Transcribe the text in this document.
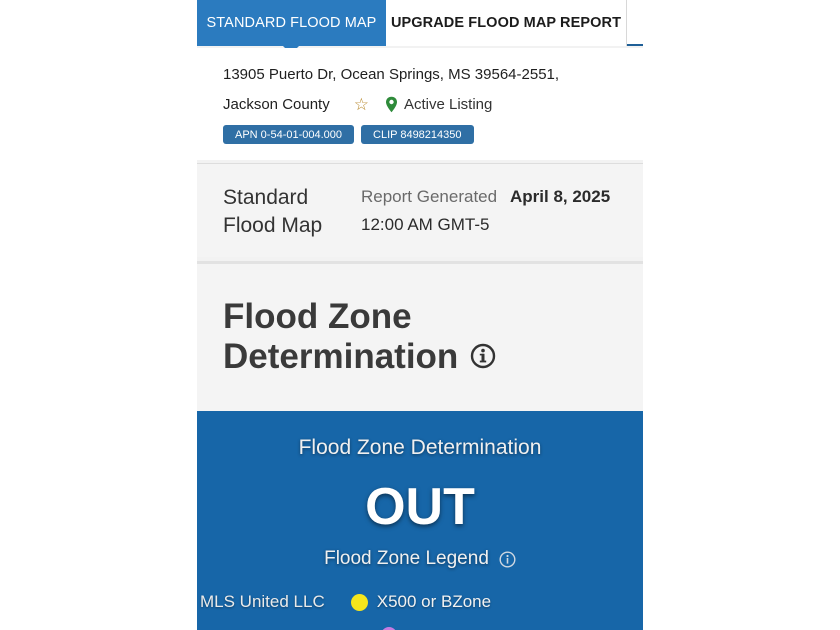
STANDARD FLOOD MAP UPGRADE FLOOD MAP REPORT
13905 Puerto Dr, Ocean Springs, MS 39564-2551,
Jackson County ☆ Active Listing
APN 0-54-01-004.000	CLIP 8498214350
Standard
Flood Map
Report Generated April 8, 2025
12:00 AM GMT-5
Flood Zone
Determination
Flood Zone Determination
OUT
Flood Zone Legend
MLS United LLC	X500 or BZone
